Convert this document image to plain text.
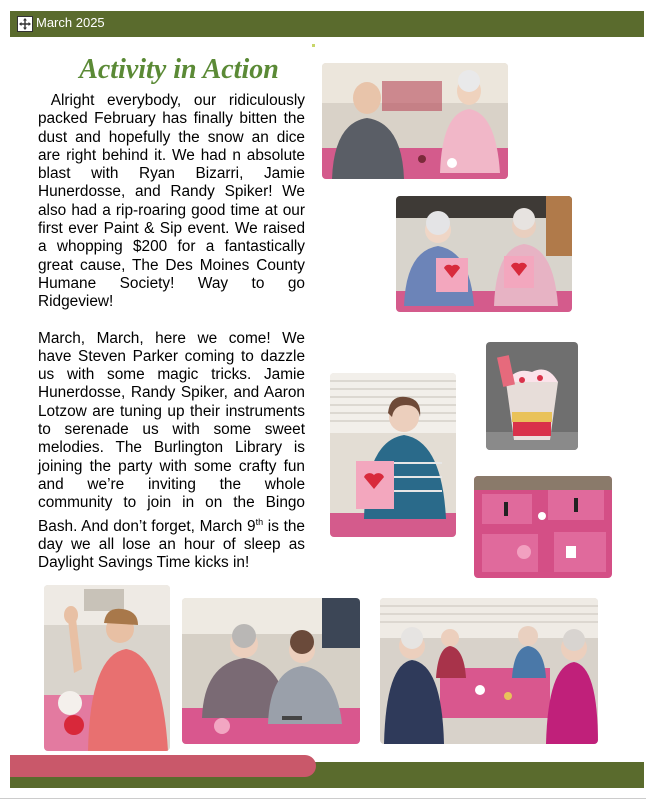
March 2025
Activity in Action

Alright everybody, our ridiculously packed February has finally bitten the dust and hopefully the snow an dice are right behind it. We had n absolute blast with Ryan Bizarri, Jamie Hunerdosse, and Randy Spiker! We also had a rip-roaring good time at our first ever Paint & Sip event. We raised a whopping $200 for a fantastically great cause, The Des Moines County Humane Society! Way to go Ridgeview!

March, March, here we come! We have Steven Parker coming to dazzle us with some magic tricks. Jamie Hunerdosse, Randy Spiker, and Aaron Lotzow are tuning up their instruments to serenade us with some sweet melodies. The Burlington Library is joining the party with some crafty fun and we’re inviting the whole community to join in on the Bingo Bash. And don’t forget, March 9th is the day we all lose an hour of sleep as Daylight Savings Time kicks in!
